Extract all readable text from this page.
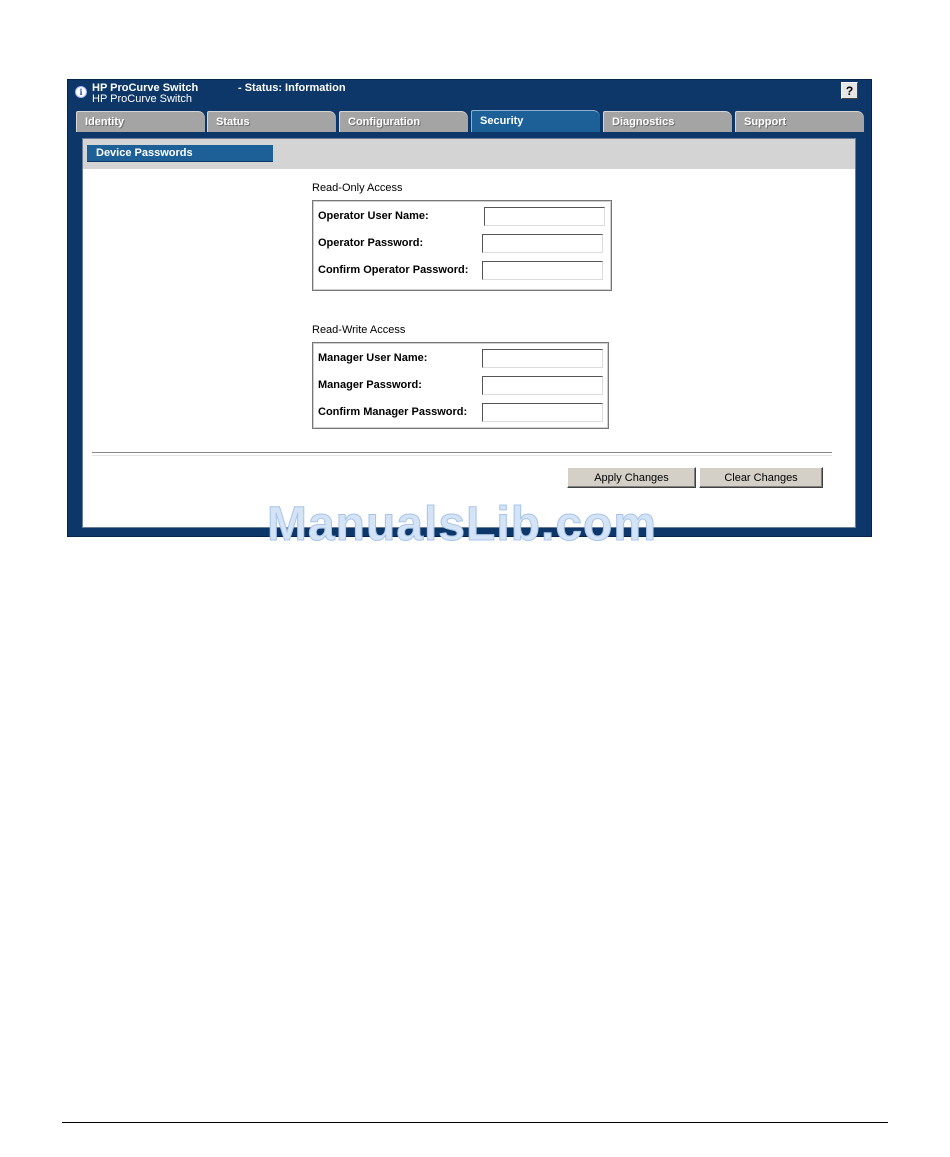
i HP ProCurve Switch
HP ProCurve Switch
- Status: Information	?
Identity	Status	Configuration	Security	Diagnostics	Support
Device Passwords
Read-Only Access
Operator User Name:
Operator Password:
Confirm Operator Password:
Read-Write Access
Manager User Name:
Manager Password:
Confirm Manager Password:
Apply Changes	Clear Changes
ManualsLib.com
